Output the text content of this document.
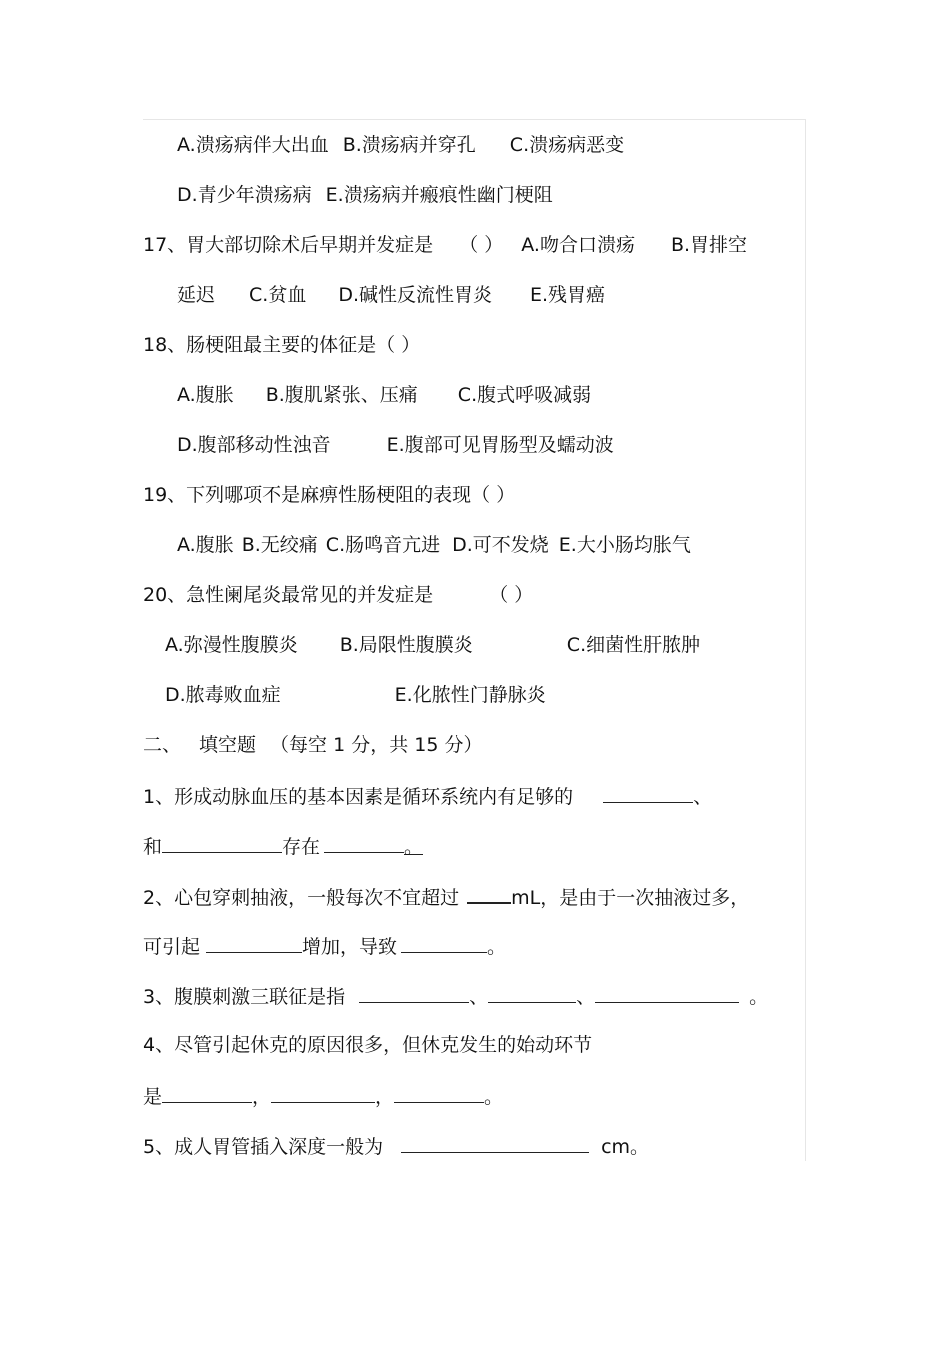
A.溃疡病伴大出血 B.溃疡病并穿孔 C.溃疡病恶变
D.青少年溃疡病 E.溃疡病并瘢痕性幽门梗阻
17、胃大部切除术后早期并发症是 （ ） A.吻合口溃疡 B.胃排空
延迟 C.贫血 D.碱性反流性胃炎 E.残胃癌
18、肠梗阻最主要的体征是（ ）
A.腹胀 B.腹肌紧张、压痛 C.腹式呼吸减弱
D.腹部移动性浊音	E.腹部可见胃肠型及蠕动波
19、下列哪项不是麻痹性肠梗阻的表现（ ）
A.腹胀 B.无绞痛 C.肠鸣音亢进 D.可不发烧 E.大小肠均胀气
20、急性阑尾炎最常见的并发症是	（ ）
A.弥漫性腹膜炎 B.局限性腹膜炎	C.细菌性肝脓肿
D.脓毒败血症	E.化脓性门静脉炎
二、 填空题 （每空 1 分，共 15 分）
1、形成动脉血压的基本因素是循环系统内有足够的	、
和	存在	。
2、心包穿刺抽液，一般每次不宜超过	mL，是由于一次抽液过多，
可引起	增加，导致	。
3、腹膜刺激三联征是指	、	、	。
4、尽管引起休克的原因很多，但休克发生的始动环节
是	，	，	。
5、成人胃管插入深度一般为	cm。
